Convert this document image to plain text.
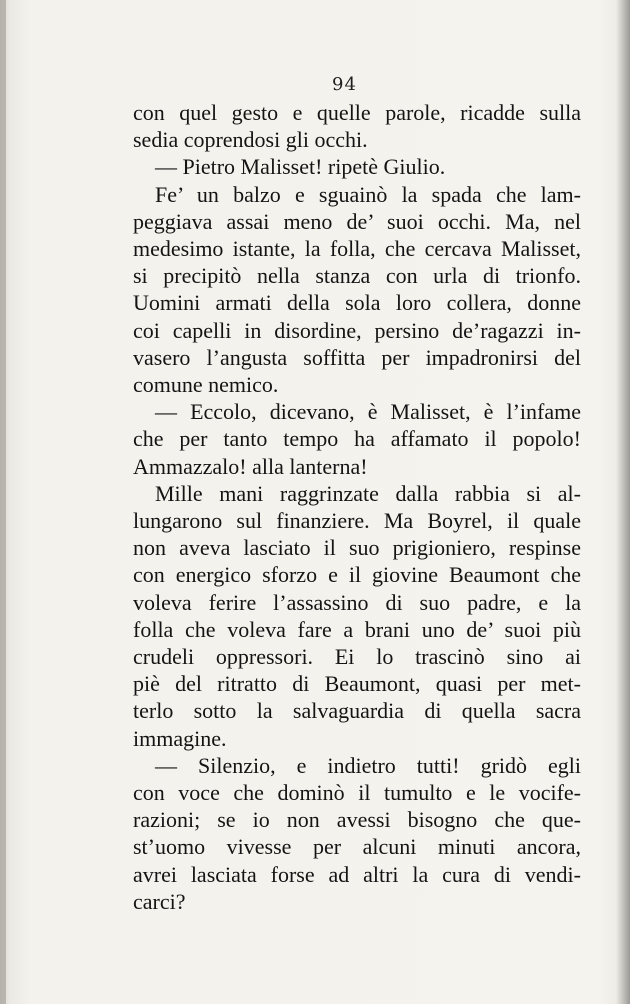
94
con quel gesto e quelle parole, ricadde sulla
sedia coprendosi gli occhi.
— Pietro Malisset! ripetè Giulio.
Fe’ un balzo e sguainò la spada che lam-
peggiava assai meno de’ suoi occhi. Ma, nel
medesimo istante, la folla, che cercava Malisset,
si precipitò nella stanza con urla di trionfo.
Uomini armati della sola loro collera, donne
coi capelli in disordine, persino de’ragazzi in-
vasero l’angusta soffitta per impadronirsi del
comune nemico.
— Eccolo, dicevano, è Malisset, è l’infame
che per tanto tempo ha affamato il popolo!
Ammazzalo! alla lanterna!
Mille mani raggrinzate dalla rabbia si al-
lungarono sul finanziere. Ma Boyrel, il quale
non aveva lasciato il suo prigioniero, respinse
con energico sforzo e il giovine Beaumont che
voleva ferire l’assassino di suo padre, e la
folla che voleva fare a brani uno de’ suoi più
crudeli oppressori. Ei lo trascinò sino ai
piè del ritratto di Beaumont, quasi per met-
terlo sotto la salvaguardia di quella sacra
immagine.
— Silenzio, e indietro tutti! gridò egli
con voce che dominò il tumulto e le vocife-
razioni; se io non avessi bisogno che que-
st’uomo vivesse per alcuni minuti ancora,
avrei lasciata forse ad altri la cura di vendi-
carci?
